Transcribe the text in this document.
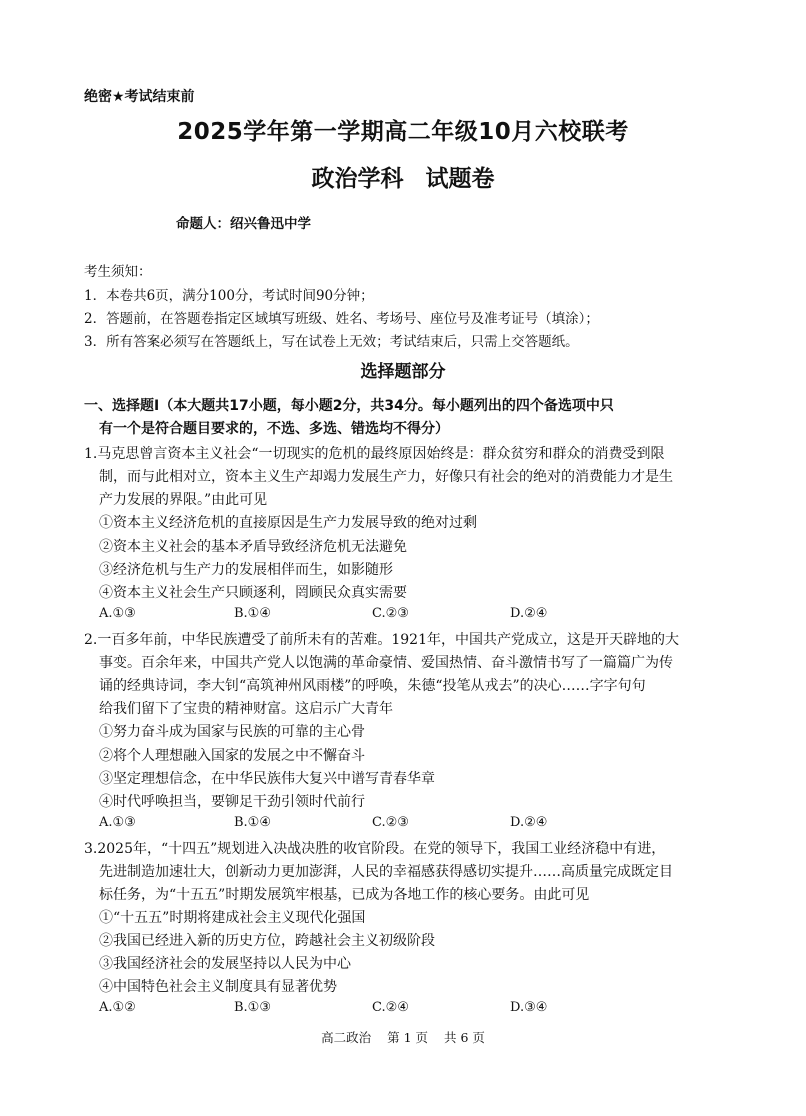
绝密★考试结束前
2025学年第一学期高二年级10月六校联考
政治学科 试题卷
命题人：绍兴鲁迅中学
考生须知：
1．本卷共6页，满分100分，考试时间90分钟；
2．答题前，在答题卷指定区域填写班级、姓名、考场号、座位号及准考证号（填涂）；
3．所有答案必须写在答题纸上，写在试卷上无效；考试结束后，只需上交答题纸。
选择题部分
一、选择题Ⅰ（本大题共17小题，每小题2分，共34分。每小题列出的四个备选项中只
有一个是符合题目要求的，不选、多选、错选均不得分）
1.马克思曾言资本主义社会“一切现实的危机的最终原因始终是：群众贫穷和群众的消费受到限
制，而与此相对立，资本主义生产却竭力发展生产力，好像只有社会的绝对的消费能力才是生
产力发展的界限。”由此可见
①资本主义经济危机的直接原因是生产力发展导致的绝对过剩
②资本主义社会的基本矛盾导致经济危机无法避免
③经济危机与生产力的发展相伴而生，如影随形
④资本主义社会生产只顾逐利，罔顾民众真实需要
A.①③	B.①④	C.②③	D.②④
2.一百多年前，中华民族遭受了前所未有的苦难。1921年，中国共产党成立，这是开天辟地的大
事变。百余年来，中国共产党人以饱满的革命豪情、爱国热情、奋斗激情书写了一篇篇广为传
诵的经典诗词，李大钊“高筑神州风雨楼”的呼唤，朱德“投笔从戎去”的决心……字字句句
给我们留下了宝贵的精神财富。这启示广大青年
①努力奋斗成为国家与民族的可靠的主心骨
②将个人理想融入国家的发展之中不懈奋斗
③坚定理想信念，在中华民族伟大复兴中谱写青春华章
④时代呼唤担当，要铆足干劲引领时代前行
A.①③	B.①④	C.②③	D.②④
3.2025年，“十四五”规划进入决战决胜的收官阶段。在党的领导下，我国工业经济稳中有进，
先进制造加速壮大，创新动力更加澎湃，人民的幸福感获得感切实提升……高质量完成既定目
标任务，为“十五五”时期发展筑牢根基，已成为各地工作的核心要务。由此可见
①“十五五”时期将建成社会主义现代化强国
②我国已经进入新的历史方位，跨越社会主义初级阶段
③我国经济社会的发展坚持以人民为中心
④中国特色社会主义制度具有显著优势
A.①②	B.①③	C.②④	D.③④
高二政治 第 1 页 共 6 页
